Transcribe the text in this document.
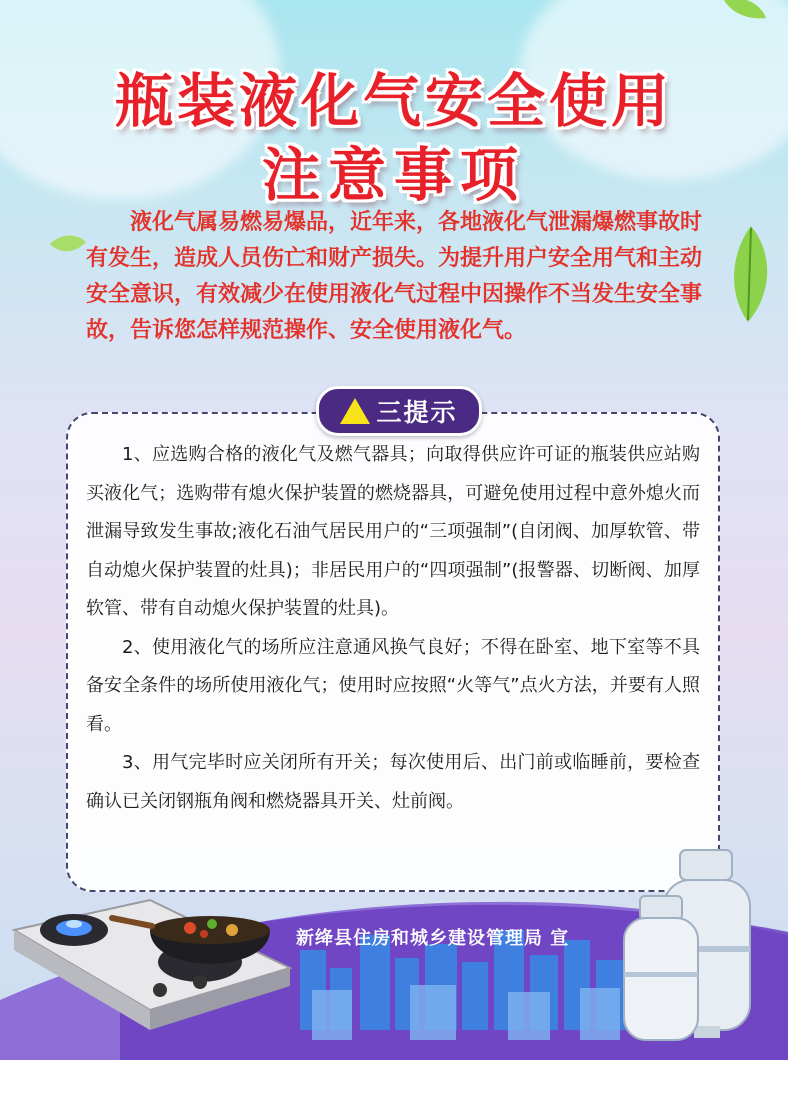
瓶装液化气安全使用
注意事项

液化气属易燃易爆品，近年来，各地液化气泄漏爆燃事故时有发生，造成人员伤亡和财产损失。为提升用户安全用气和主动安全意识，有效减少在使用液化气过程中因操作不当发生安全事故，告诉您怎样规范操作、安全使用液化气。

三提示

1、应选购合格的液化气及燃气器具；向取得供应许可证的瓶装供应站购买液化气；选购带有熄火保护装置的燃烧器具，可避免使用过程中意外熄火而泄漏导致发生事故;液化石油气居民用户的“三项强制”(自闭阀、加厚软管、带自动熄火保护装置的灶具)；非居民用户的“四项强制”(报警器、切断阀、加厚软管、带有自动熄火保护装置的灶具)。

2、使用液化气的场所应注意通风换气良好；不得在卧室、地下室等不具备安全条件的场所使用液化气；使用时应按照“火等气”点火方法，并要有人照看。

3、用气完毕时应关闭所有开关；每次使用后、出门前或临睡前，要检查确认已关闭钢瓶角阀和燃烧器具开关、灶前阀。

新绛县住房和城乡建设管理局 宣
